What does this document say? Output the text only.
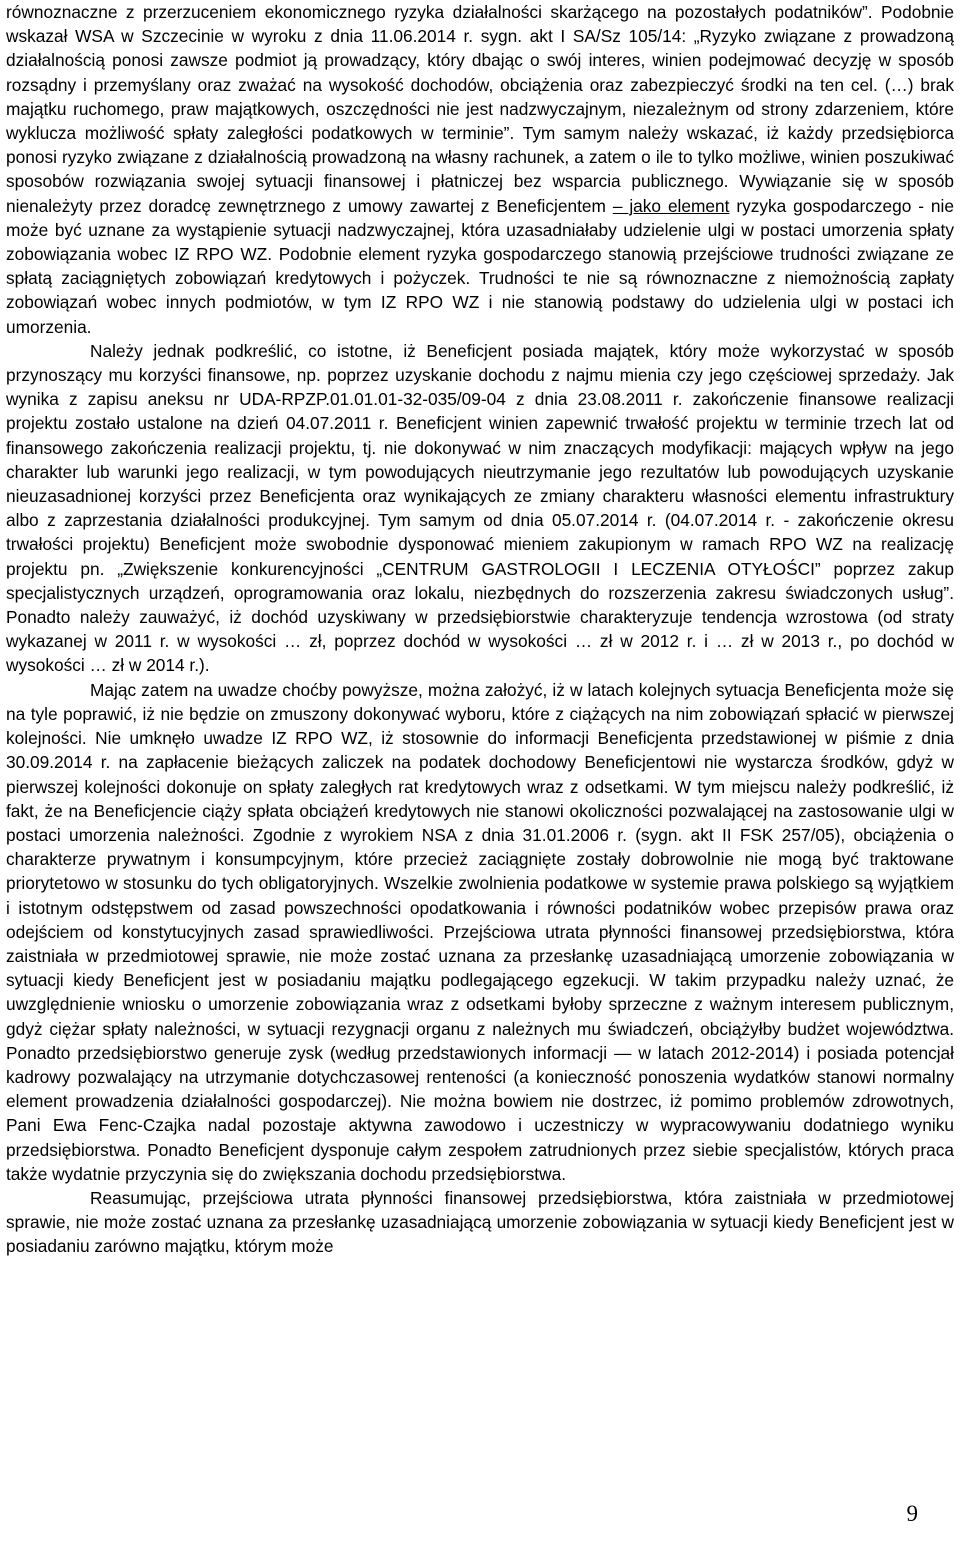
równoznaczne z przerzuceniem ekonomicznego ryzyka działalności skarżącego na pozostałych podatników”. Podobnie wskazał WSA w Szczecinie w wyroku z dnia 11.06.2014 r. sygn. akt I SA/Sz 105/14: „Ryzyko związane z prowadzoną działalnością ponosi zawsze podmiot ją prowadzący, który dbając o swój interes, winien podejmować decyzję w sposób rozsądny i przemyślany oraz zważać na wysokość dochodów, obciążenia oraz zabezpieczyć środki na ten cel. (…) brak majątku ruchomego, praw majątkowych, oszczędności nie jest nadzwyczajnym, niezależnym od strony zdarzeniem, które wyklucza możliwość spłaty zaległości podatkowych w terminie”. Tym samym należy wskazać, iż każdy przedsiębiorca ponosi ryzyko związane z działalnością prowadzoną na własny rachunek, a zatem o ile to tylko możliwe, winien poszukiwać sposobów rozwiązania swojej sytuacji finansowej i płatniczej bez wsparcia publicznego. Wywiązanie się w sposób nienależyty przez doradcę zewnętrznego z umowy zawartej z Beneficjentem – jako element ryzyka gospodarczego - nie może być uznane za wystąpienie sytuacji nadzwyczajnej, która uzasadniałaby udzielenie ulgi w postaci umorzenia spłaty zobowiązania wobec IZ RPO WZ. Podobnie element ryzyka gospodarczego stanowią przejściowe trudności związane ze spłatą zaciągniętych zobowiązań kredytowych i pożyczek. Trudności te nie są równoznaczne z niemożnością zapłaty zobowiązań wobec innych podmiotów, w tym IZ RPO WZ i nie stanowią podstawy do udzielenia ulgi w postaci ich umorzenia.

Należy jednak podkreślić, co istotne, iż Beneficjent posiada majątek, który może wykorzystać w sposób przynoszący mu korzyści finansowe, np. poprzez uzyskanie dochodu z najmu mienia czy jego częściowej sprzedaży. Jak wynika z zapisu aneksu nr UDA-RPZP.01.01.01-32-035/09-04 z dnia 23.08.2011 r. zakończenie finansowe realizacji projektu zostało ustalone na dzień 04.07.2011 r. Beneficjent winien zapewnić trwałość projektu w terminie trzech lat od finansowego zakończenia realizacji projektu, tj. nie dokonywać w nim znaczących modyfikacji: mających wpływ na jego charakter lub warunki jego realizacji, w tym powodujących nieutrzymanie jego rezultatów lub powodujących uzyskanie nieuzasadnionej korzyści przez Beneficjenta oraz wynikających ze zmiany charakteru własności elementu infrastruktury albo z zaprzestania działalności produkcyjnej. Tym samym od dnia 05.07.2014 r. (04.07.2014 r. - zakończenie okresu trwałości projektu) Beneficjent może swobodnie dysponować mieniem zakupionym w ramach RPO WZ na realizację projektu pn. „Zwiększenie konkurencyjności „CENTRUM GASTROLOGII I LECZENIA OTYŁOŚCI” poprzez zakup specjalistycznych urządzeń, oprogramowania oraz lokalu, niezbędnych do rozszerzenia zakresu świadczonych usług”. Ponadto należy zauważyć, iż dochód uzyskiwany w przedsiębiorstwie charakteryzuje tendencja wzrostowa (od straty wykazanej w 2011 r. w wysokości … zł, poprzez dochód w wysokości … zł w 2012 r. i … zł w 2013 r., po dochód w wysokości … zł w 2014 r.).

Mając zatem na uwadze choćby powyższe, można założyć, iż w latach kolejnych sytuacja Beneficjenta może się na tyle poprawić, iż nie będzie on zmuszony dokonywać wyboru, które z ciążących na nim zobowiązań spłacić w pierwszej kolejności. Nie umknęło uwadze IZ RPO WZ, iż stosownie do informacji Beneficjenta przedstawionej w piśmie z dnia 30.09.2014 r. na zapłacenie bieżących zaliczek na podatek dochodowy Beneficjentowi nie wystarcza środków, gdyż w pierwszej kolejności dokonuje on spłaty zaległych rat kredytowych wraz z odsetkami. W tym miejscu należy podkreślić, iż fakt, że na Beneficjencie ciąży spłata obciążeń kredytowych nie stanowi okoliczności pozwalającej na zastosowanie ulgi w postaci umorzenia należności. Zgodnie z wyrokiem NSA z dnia 31.01.2006 r. (sygn. akt II FSK 257/05), obciążenia o charakterze prywatnym i konsumpcyjnym, które przecież zaciągnięte zostały dobrowolnie nie mogą być traktowane priorytetowo w stosunku do tych obligatoryjnych. Wszelkie zwolnienia podatkowe w systemie prawa polskiego są wyjątkiem i istotnym odstępstwem od zasad powszechności opodatkowania i równości podatników wobec przepisów prawa oraz odejściem od konstytucyjnych zasad sprawiedliwości. Przejściowa utrata płynności finansowej przedsiębiorstwa, która zaistniała w przedmiotowej sprawie, nie może zostać uznana za przesłankę uzasadniającą umorzenie zobowiązania w sytuacji kiedy Beneficjent jest w posiadaniu majątku podlegającego egzekucji. W takim przypadku należy uznać, że uwzględnienie wniosku o umorzenie zobowiązania wraz z odsetkami byłoby sprzeczne z ważnym interesem publicznym, gdyż ciężar spłaty należności, w sytuacji rezygnacji organu z należnych mu świadczeń, obciążyłby budżet województwa. Ponadto przedsiębiorstwo generuje zysk (według przedstawionych informacji — w latach 2012-2014) i posiada potencjał kadrowy pozwalający na utrzymanie dotychczasowej renteności (a konieczność ponoszenia wydatków stanowi normalny element prowadzenia działalności gospodarczej). Nie można bowiem nie dostrzec, iż pomimo problemów zdrowotnych, Pani Ewa Fenc-Czajka nadal pozostaje aktywna zawodowo i uczestniczy w wypracowywaniu dodatniego wyniku przedsiębiorstwa. Ponadto Beneficjent dysponuje całym zespołem zatrudnionych przez siebie specjalistów, których praca także wydatnie przyczynia się do zwiększania dochodu przedsiębiorstwa.

Reasumując, przejściowa utrata płynności finansowej przedsiębiorstwa, która zaistniała w przedmiotowej sprawie, nie może zostać uznana za przesłankę uzasadniającą umorzenie zobowiązania w sytuacji kiedy Beneficjent jest w posiadaniu zarówno majątku, którym może

9
